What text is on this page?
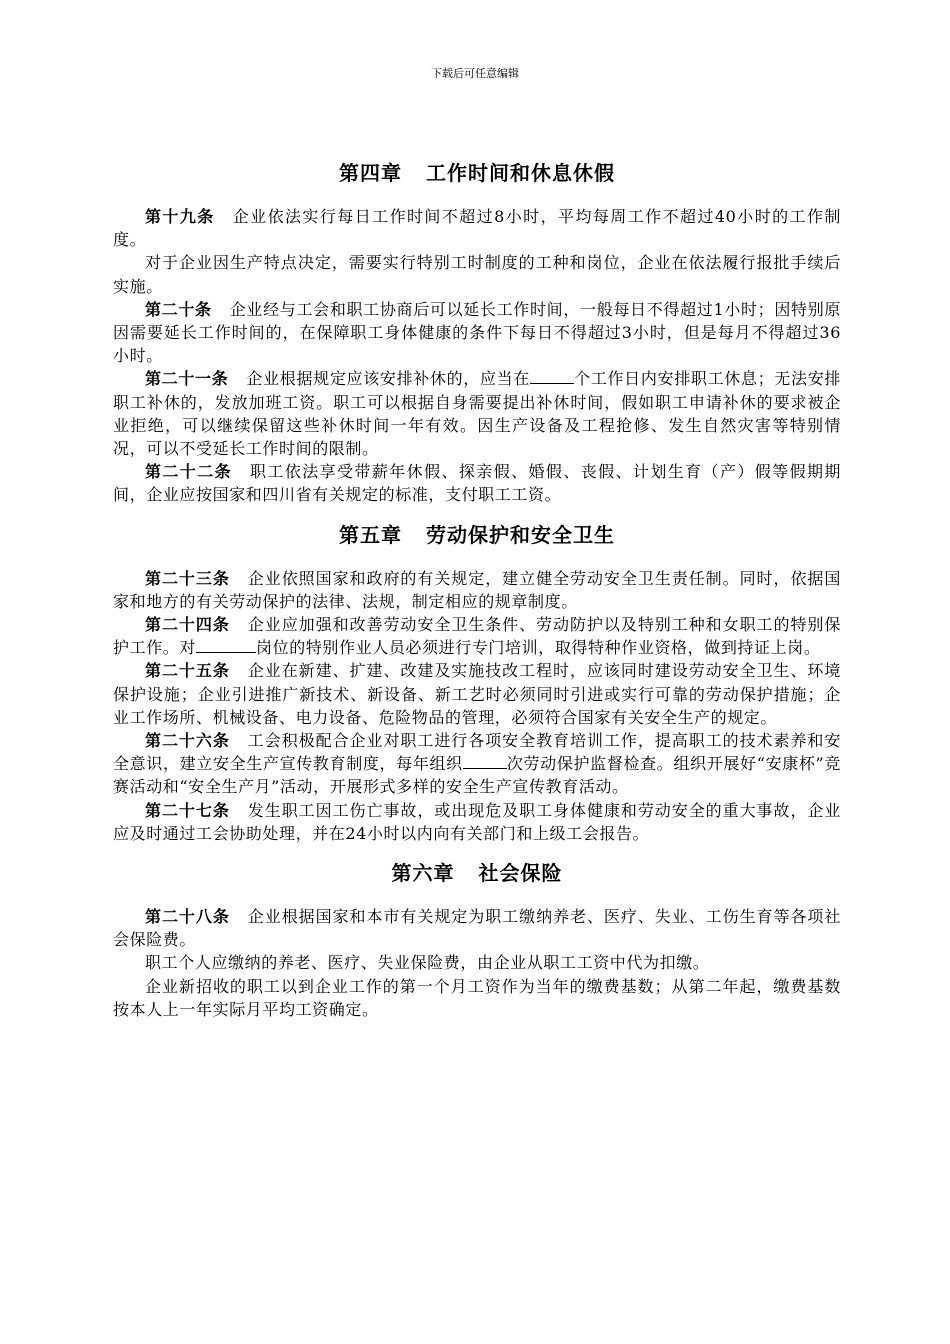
下载后可任意编辑
第四章 工作时间和休息休假

第十九条 企业依法实行每日工作时间不超过8小时，平均每周工作不超过40小时的工作制度。

对于企业因生产特点决定，需要实行特别工时制度的工种和岗位，企业在依法履行报批手续后实施。

第二十条 企业经与工会和职工协商后可以延长工作时间，一般每日不得超过1小时；因特别原因需要延长工作时间的，在保障职工身体健康的条件下每日不得超过3小时，但是每月不得超过36小时。

第二十一条 企业根据规定应该安排补休的，应当在	个工作日内安排职工休息；无法安排职工补休的，发放加班工资。职工可以根据自身需要提出补休时间，假如职工申请补休的要求被企业拒绝，可以继续保留这些补休时间一年有效。因生产设备及工程抢修、发生自然灾害等特别情况，可以不受延长工作时间的限制。

第二十二条 职工依法享受带薪年休假、探亲假、婚假、丧假、计划生育（产）假等假期期间，企业应按国家和四川省有关规定的标准，支付职工工资。

第五章 劳动保护和安全卫生

第二十三条 企业依照国家和政府的有关规定，建立健全劳动安全卫生责任制。同时，依据国家和地方的有关劳动保护的法律、法规，制定相应的规章制度。

第二十四条 企业应加强和改善劳动安全卫生条件、劳动防护以及特别工种和女职工的特别保护工作。对	岗位的特别作业人员必须进行专门培训，取得特种作业资格，做到持证上岗。

第二十五条 企业在新建、扩建、改建及实施技改工程时，应该同时建设劳动安全卫生、环境保护设施；企业引进推广新技术、新设备、新工艺时必须同时引进或实行可靠的劳动保护措施；企业工作场所、机械设备、电力设备、危险物品的管理，必须符合国家有关安全生产的规定。

第二十六条 工会积极配合企业对职工进行各项安全教育培训工作，提高职工的技术素养和安全意识，建立安全生产宣传教育制度，每年组织	次劳动保护监督检查。组织开展好“安康杯”竞赛活动和“安全生产月”活动，开展形式多样的安全生产宣传教育活动。

第二十七条 发生职工因工伤亡事故，或出现危及职工身体健康和劳动安全的重大事故，企业应及时通过工会协助处理，并在24小时以内向有关部门和上级工会报告。

第六章 社会保险

第二十八条 企业根据国家和本市有关规定为职工缴纳养老、医疗、失业、工伤生育等各项社会保险费。

职工个人应缴纳的养老、医疗、失业保险费，由企业从职工工资中代为扣缴。

企业新招收的职工以到企业工作的第一个月工资作为当年的缴费基数；从第二年起，缴费基数按本人上一年实际月平均工资确定。
